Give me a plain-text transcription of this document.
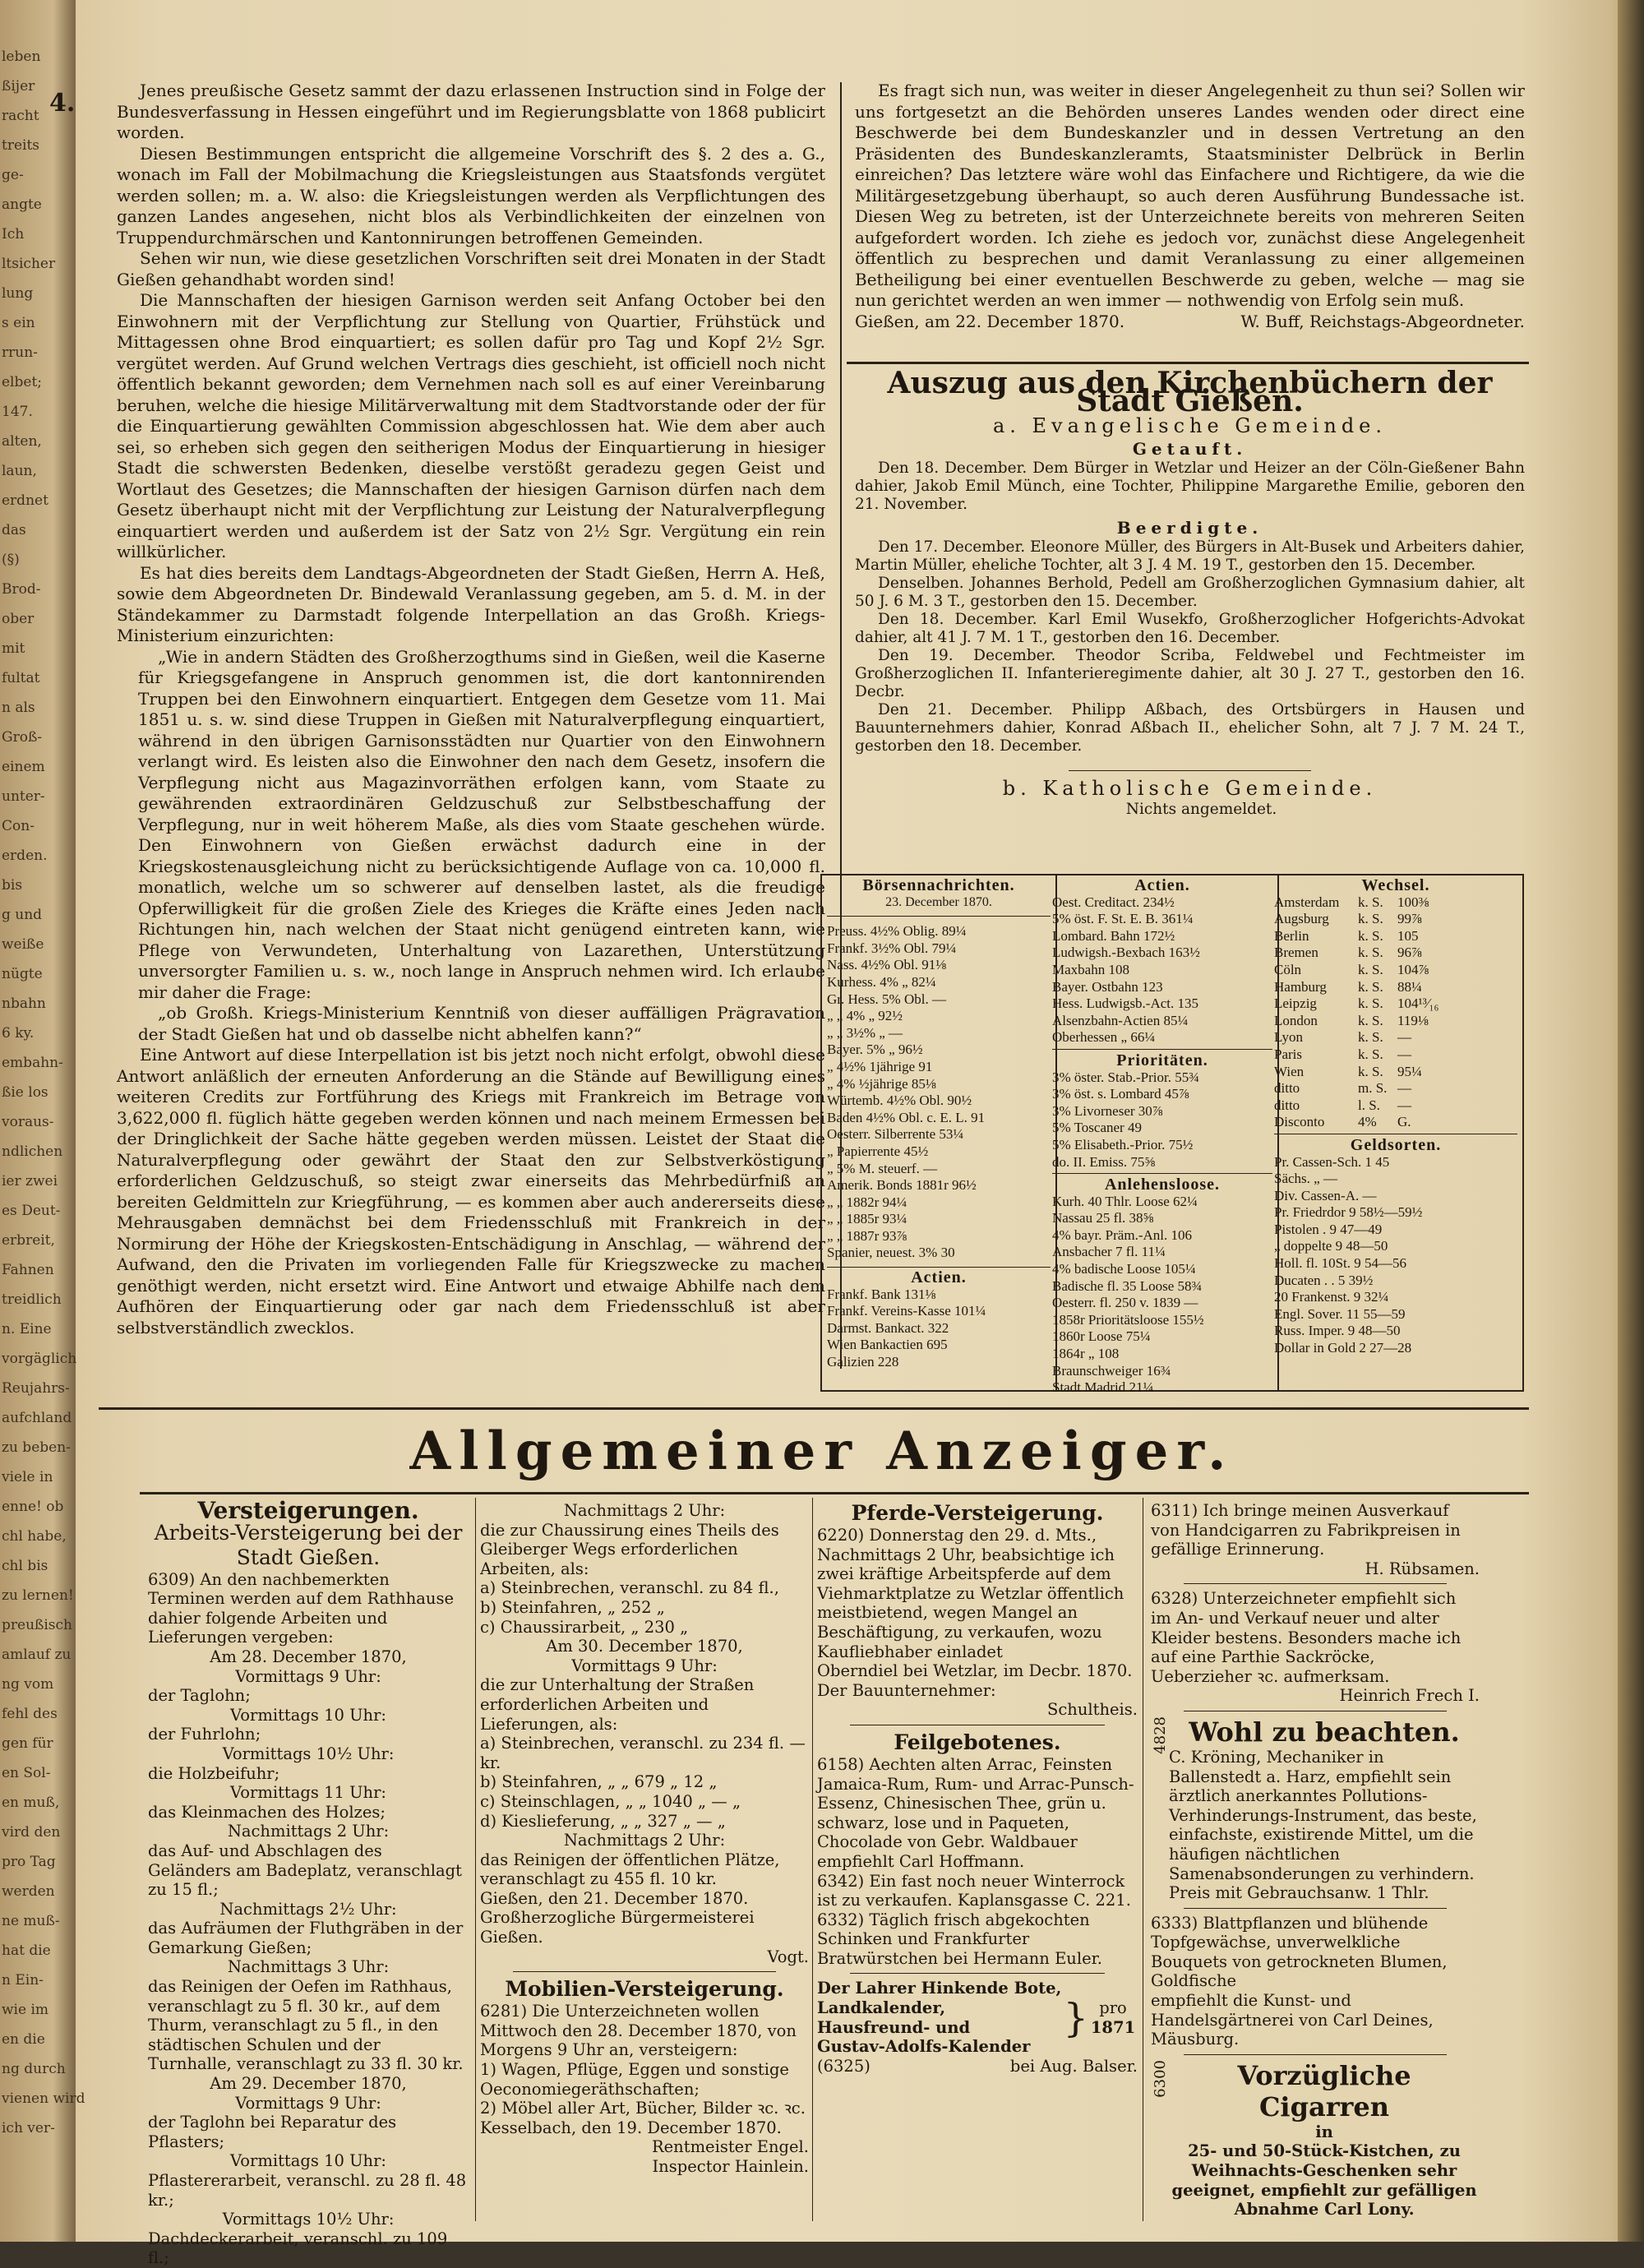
4.	Jenes preußische Gesetz sammt der dazu erlassenen Instruction sind in Folge der Bundesverfassung in Hessen eingeführt und im Regierungsblatte von 1868 publicirt worden.

Diesen Bestimmungen entspricht die allgemeine Vorschrift des §. 2 des a. G., wonach im Fall der Mobilmachung die Kriegsleistungen aus Staatsfonds vergütet werden sollen; m. a. W. also: die Kriegsleistungen werden als Verpflichtungen des ganzen Landes angesehen, nicht blos als Verbindlichkeiten der einzelnen von Truppendurchmärschen und Kantonnirungen betroffenen Gemeinden.

Sehen wir nun, wie diese gesetzlichen Vorschriften seit drei Monaten in der Stadt Gießen gehandhabt worden sind!

Die Mannschaften der hiesigen Garnison werden seit Anfang October bei den Einwohnern mit der Verpflichtung zur Stellung von Quartier, Frühstück und Mittagessen ohne Brod einquartiert; es sollen dafür pro Tag und Kopf 2½ Sgr. vergütet werden. Auf Grund welchen Vertrags dies geschieht, ist officiell noch nicht öffentlich bekannt geworden; dem Vernehmen nach soll es auf einer Vereinbarung beruhen, welche die hiesige Militärverwaltung mit dem Stadtvorstande oder der für die Einquartierung gewählten Commission abgeschlossen hat. Wie dem aber auch sei, so erheben sich gegen den seitherigen Modus der Einquartierung in hiesiger Stadt die schwersten Bedenken, dieselbe verstößt geradezu gegen Geist und Wortlaut des Gesetzes; die Mannschaften der hiesigen Garnison dürfen nach dem Gesetz überhaupt nicht mit der Verpflichtung zur Leistung der Naturalverpflegung einquartiert werden und außerdem ist der Satz von 2½ Sgr. Vergütung ein rein willkürlicher.

Es hat dies bereits dem Landtags-Abgeordneten der Stadt Gießen, Herrn A. Heß, sowie dem Abgeordneten Dr. Bindewald Veranlassung gegeben, am 5. d. M. in der Ständekammer zu Darmstadt folgende Interpellation an das Großh. Kriegs-Ministerium einzurichten:

„Wie in andern Städten des Großherzogthums sind in Gießen, weil die Kaserne für Kriegsgefangene in Anspruch genommen ist, die dort kantonnirenden Truppen bei den Einwohnern einquartiert. Entgegen dem Gesetze vom 11. Mai 1851 u. s. w. sind diese Truppen in Gießen mit Naturalverpflegung einquartiert, während in den übrigen Garnisonsstädten nur Quartier von den Einwohnern verlangt wird. Es leisten also die Einwohner den nach dem Gesetz, insofern die Verpflegung nicht aus Magazinvorräthen erfolgen kann, vom Staate zu gewährenden extraordinären Geldzuschuß zur Selbstbeschaffung der Verpflegung, nur in weit höherem Maße, als dies vom Staate geschehen würde. Den Einwohnern von Gießen erwächst dadurch eine in der Kriegskostenausgleichung nicht zu berücksichtigende Auflage von ca. 10,000 fl. monatlich, welche um so schwerer auf denselben lastet, als die freudige Opferwilligkeit für die großen Ziele des Krieges die Kräfte eines Jeden nach Richtungen hin, nach welchen der Staat nicht genügend eintreten kann, wie Pflege von Verwundeten, Unterhaltung von Lazarethen, Unterstützung unversorgter Familien u. s. w., noch lange in Anspruch nehmen wird. Ich erlaube mir daher die Frage:

„ob Großh. Kriegs-Ministerium Kenntniß von dieser auffälligen Prägravation der Stadt Gießen hat und ob dasselbe nicht abhelfen kann?“

Eine Antwort auf diese Interpellation ist bis jetzt noch nicht erfolgt, obwohl diese Antwort anläßlich der erneuten Anforderung an die Stände auf Bewilligung eines weiteren Credits zur Fortführung des Kriegs mit Frankreich im Betrage von 3,622,000 fl. füglich hätte gegeben werden können und nach meinem Ermessen bei der Dringlichkeit der Sache hätte gegeben werden müssen. Leistet der Staat die Naturalverpflegung oder gewährt der Staat den zur Selbstverköstigung erforderlichen Geldzuschuß, so steigt zwar einerseits das Mehrbedürfniß an bereiten Geldmitteln zur Kriegführung, — es kommen aber auch andererseits diese Mehrausgaben demnächst bei dem Friedensschluß mit Frankreich in der Normirung der Höhe der Kriegskosten-Entschädigung in Anschlag, — während der Aufwand, den die Privaten im vorliegenden Falle für Kriegszwecke zu machen genöthigt werden, nicht ersetzt wird. Eine Antwort und etwaige Abhilfe nach dem Aufhören der Einquartierung oder gar nach dem Friedensschluß ist aber selbstverständlich zwecklos.

Es fragt sich nun, was weiter in dieser Angelegenheit zu thun sei? Sollen wir uns fortgesetzt an die Behörden unseres Landes wenden oder direct eine Beschwerde bei dem Bundeskanzler und in dessen Vertretung an den Präsidenten des Bundeskanzleramts, Staatsminister Delbrück in Berlin einreichen? Das letztere wäre wohl das Einfachere und Richtigere, da wie die Militärgesetzgebung überhaupt, so auch deren Ausführung Bundessache ist. Diesen Weg zu betreten, ist der Unterzeichnete bereits von mehreren Seiten aufgefordert worden. Ich ziehe es jedoch vor, zunächst diese Angelegenheit öffentlich zu besprechen und damit Veranlassung zu einer allgemeinen Betheiligung bei einer eventuellen Beschwerde zu geben, welche — mag sie nun gerichtet werden an wen immer — nothwendig von Erfolg sein muß.

Gießen, am 22. December 1870.	W. Buff, Reichstags-Abgeordneter.

Auszug aus den Kirchenbüchern der Stadt Gießen.
a. Evangelische Gemeinde.
Getauft.

Den 18. December. Dem Bürger in Wetzlar und Heizer an der Cöln-Gießener Bahn dahier, Jakob Emil Münch, eine Tochter, Philippine Margarethe Emilie, geboren den 21. November.

Beerdigte.

Den 17. December. Eleonore Müller, des Bürgers in Alt-Busek und Arbeiters dahier, Martin Müller, eheliche Tochter, alt 3 J. 4 M. 19 T., gestorben den 15. December.

Denselben. Johannes Berhold, Pedell am Großherzoglichen Gymnasium dahier, alt 50 J. 6 M. 3 T., gestorben den 15. December.

Den 18. December. Karl Emil Wusekfo, Großherzoglicher Hofgerichts-Advokat dahier, alt 41 J. 7 M. 1 T., gestorben den 16. December.

Den 19. December. Theodor Scriba, Feldwebel und Fechtmeister im Großherzoglichen II. Infanterieregimente dahier, alt 30 J. 27 T., gestorben den 16. Decbr.

Den 21. December. Philipp Aßbach, des Ortsbürgers in Hausen und Bauunternehmers dahier, Konrad Aßbach II., ehelicher Sohn, alt 7 J. 7 M. 24 T., gestorben den 18. December.

b. Katholische Gemeinde.

Nichts angemeldet.

Börsennachrichten.
23. December 1870.
Preuss. 4½% Oblig. 89¼
Frankf. 3½% Obl. 79¼
Nass. 4½% Obl. 91⅛
Kurhess. 4% „ 82¼
Gr. Hess. 5% Obl. —
„ „ 4% „ 92½
„ „ 3½% „ —
Bayer. 5% „ 96½
„ 4½% 1jährige 91
„ 4% ½jährige 85⅛
Würtemb. 4½% Obl. 90½
Baden 4½% Obl. c. E. L. 91
Oesterr. Silberrente 53¼
„ Papierrente 45½
„ 5% M. steuerf. —
Amerik. Bonds 1881r 96½
„ „ 1882r 94¼
„ „ 1885r 93¼
„ „ 1887r 93⅞
Spanier, neuest. 3% 30
Actien.
Frankf. Bank 131⅛
Frankf. Vereins-Kasse 101¼
Darmst. Bankact. 322
Wien Bankactien 695
Galizien 228
Actien.
Oest. Creditact. 234½
5% öst. F. St. E. B. 361¼
Lombard. Bahn 172½
Ludwigsh.-Bexbach 163½
Maxbahn 108
Bayer. Ostbahn 123
Hess. Ludwigsb.-Act. 135
Alsenzbahn-Actien 85¼
Oberhessen „ 66¼
Prioritäten.
3% öster. Stab.-Prior. 55¾
3% öst. s. Lombard 45⅞
3% Livorneser 30⅞
5% Toscaner 49
5% Elisabeth.-Prior. 75½
do. II. Emiss. 75⅝
Anlehensloose.
Kurh. 40 Thlr. Loose 62¼
Nassau 25 fl. 38⅝
4% bayr. Präm.-Anl. 106
Ansbacher 7 fl. 11¼
4% badische Loose 105¼
Badische fl. 35 Loose 58¾
Oesterr. fl. 250 v. 1839 —
1858r Prioritätsloose 155½
1860r Loose 75¼
1864r „ 108
Braunschweiger 16¾
Stadt Madrid 21¼
Wechsel.
Amsterdam	k. S.	100⅜
Augsburg	k. S.	99⅞
Berlin	k. S.	105
Bremen	k. S.	96⅞
Cöln	k. S.	104⅞
Hamburg	k. S.	88¼
Leipzig	k. S.	104¹³⁄₁₆
London	k. S.	119⅛
Lyon	k. S.	—
Paris	k. S.	—
Wien	k. S.	95¼
ditto	m. S. —
ditto	l. S.	—
Disconto	4%	G.
Geldsorten.
Pr. Cassen-Sch. 1 45
Sächs. „ —
Div. Cassen-A. —
Pr. Friedrdor 9 58½—59½
Pistolen . 9 47—49
„ doppelte 9 48—50
Holl. fl. 10St. 9 54—56
Ducaten . . 5 39½
20 Frankenst. 9 32¼
Engl. Sover. 11 55—59
Russ. Imper. 9 48—50
Dollar in Gold 2 27—28
Allgemeiner Anzeiger.

Versteigerungen.

Arbeits-Versteigerung bei der Stadt Gießen.

6309) An den nachbemerkten Terminen werden auf dem Rathhause dahier folgende Arbeiten und Lieferungen vergeben:
Am 28. December 1870,
Vormittags 9 Uhr:
der Taglohn;
Vormittags 10 Uhr:
der Fuhrlohn;
Vormittags 10½ Uhr:
die Holzbeifuhr;
Vormittags 11 Uhr:
das Kleinmachen des Holzes;
Nachmittags 2 Uhr:
das Auf- und Abschlagen des Geländers am Badeplatz, veranschlagt zu 15 fl.;
Nachmittags 2½ Uhr:
das Aufräumen der Fluthgräben in der Gemarkung Gießen;
Nachmittags 3 Uhr:
das Reinigen der Oefen im Rathhaus, veranschlagt zu 5 fl. 30 kr., auf dem Thurm, veranschlagt zu 5 fl., in den städtischen Schulen und der Turnhalle, veranschlagt zu 33 fl. 30 kr.
Am 29. December 1870,
Vormittags 9 Uhr:
der Taglohn bei Reparatur des Pflasters;
Vormittags 10 Uhr:
Pflastererarbeit, veranschl. zu 28 fl. 48 kr.;
Vormittags 10½ Uhr:
Dachdeckerarbeit, veranschl. zu 109 fl.;
Nachmittags 2 Uhr:
die zur Chaussirung eines Theils des Gleiberger Wegs erforderlichen Arbeiten, als:
a) Steinbrechen, veranschl. zu 84 fl.,
b) Steinfahren, „ 252 „
c) Chaussirarbeit, „ 230 „
Am 30. December 1870,
Vormittags 9 Uhr:
die zur Unterhaltung der Straßen erforderlichen Arbeiten und Lieferungen, als:
a) Steinbrechen, veranschl. zu 234 fl. — kr.
b) Steinfahren, „ „ 679 „ 12 „
c) Steinschlagen, „ „ 1040 „ — „
d) Kieslieferung, „ „ 327 „ — „
Nachmittags 2 Uhr:
das Reinigen der öffentlichen Plätze, veranschlagt zu 455 fl. 10 kr.
Gießen, den 21. December 1870.
Großherzogliche Bürgermeisterei Gießen.
Vogt.

Mobilien-Versteigerung.

6281) Die Unterzeichneten wollen Mittwoch den 28. December 1870, von Morgens 9 Uhr an, versteigern:
1) Wagen, Pflüge, Eggen und sonstige Oeconomiegeräthschaften;
2) Möbel aller Art, Bücher, Bilder ꝛc. ꝛc.
Kesselbach, den 19. December 1870.
Rentmeister Engel.
Inspector Hainlein.

Pferde-Versteigerung.

6220) Donnerstag den 29. d. Mts., Nachmittags 2 Uhr, beabsichtige ich zwei kräftige Arbeitspferde auf dem Viehmarktplatze zu Wetzlar öffentlich meistbietend, wegen Mangel an Beschäftigung, zu verkaufen, wozu Kaufliebhaber einladet
Oberndiel bei Wetzlar, im Decbr. 1870.
Der Bauunternehmer:
Schultheis.

Feilgebotenes.

6158) Aechten alten Arrac, Feinsten Jamaica-Rum, Rum- und Arrac-Punsch-Essenz, Chinesischen Thee, grün u. schwarz, lose und in Paqueten, Chocolade von Gebr. Waldbauer
empfiehlt Carl Hoffmann.
6342) Ein fast noch neuer Winterrock ist zu verkaufen. Kaplansgasse C. 221.
6332) Täglich frisch abgekochten Schinken und Frankfurter Bratwürstchen bei Hermann Euler.
Der Lahrer Hinkende Bote,
Landkalender,
Hausfreund- und
Gustav-Adolfs-Kalender
} pro
1871

(6325)	bei Aug. Balser.

6311) Ich bringe meinen Ausverkauf von Handcigarren zu Fabrikpreisen in gefällige Erinnerung.
H. Rübsamen.
6328) Unterzeichneter empfiehlt sich im An- und Verkauf neuer und alter Kleider bestens. Besonders mache ich auf eine Parthie Sackröcke, Ueberzieher ꝛc. aufmerksam.
Heinrich Frech I.
4828 Wohl zu beachten.

C. Kröning, Mechaniker in Ballenstedt a. Harz, empfiehlt sein ärztlich anerkanntes Pollutions-Verhinderungs-Instrument, das beste, einfachste, existirende Mittel, um die häufigen nächtlichen Samenabsonderungen zu verhindern. Preis mit Gebrauchsanw. 1 Thlr.
6333) Blattpflanzen und blühende Topfgewächse, unverwelkliche Bouquets von getrockneten Blumen,
Goldfische
empfiehlt die Kunst- und Handelsgärtnerei von Carl Deines, Mäusburg.
6300	Vorzügliche Cigarren

in
25- und 50-Stück-Kistchen, zu Weihnachts-Geschenken sehr geeignet, empfiehlt zur gefälligen Abnahme Carl Lony.
leben
ßijer
racht
treits
ge-
angte
Ich
ltsicher
lung
s ein
rrun-
elbet;
147.
alten,
laun,
erdnet
das
(§)
Brod-
ober
mit
fultat
n als
Groß-
einem
unter-
Con-
erden.
bis
g und
weiße
nügte
nbahn
6 ky.
embahn-
ßie los
voraus-
ndlichen
ier zwei
es Deut-
erbreit,
Fahnen
treidlich
n. Eine
vorgäglich
Reujahrs-
aufchland
zu beben-
viele in
enne! ob
chl habe,
chl bis
zu lernen!
preußisch
amlauf zu
ng vom
fehl des
gen für
en Sol-
en muß,
vird den
pro Tag
werden
ne muß-
hat die
n Ein-
wie im
en die
ng durch
vienen wird
ich ver-
